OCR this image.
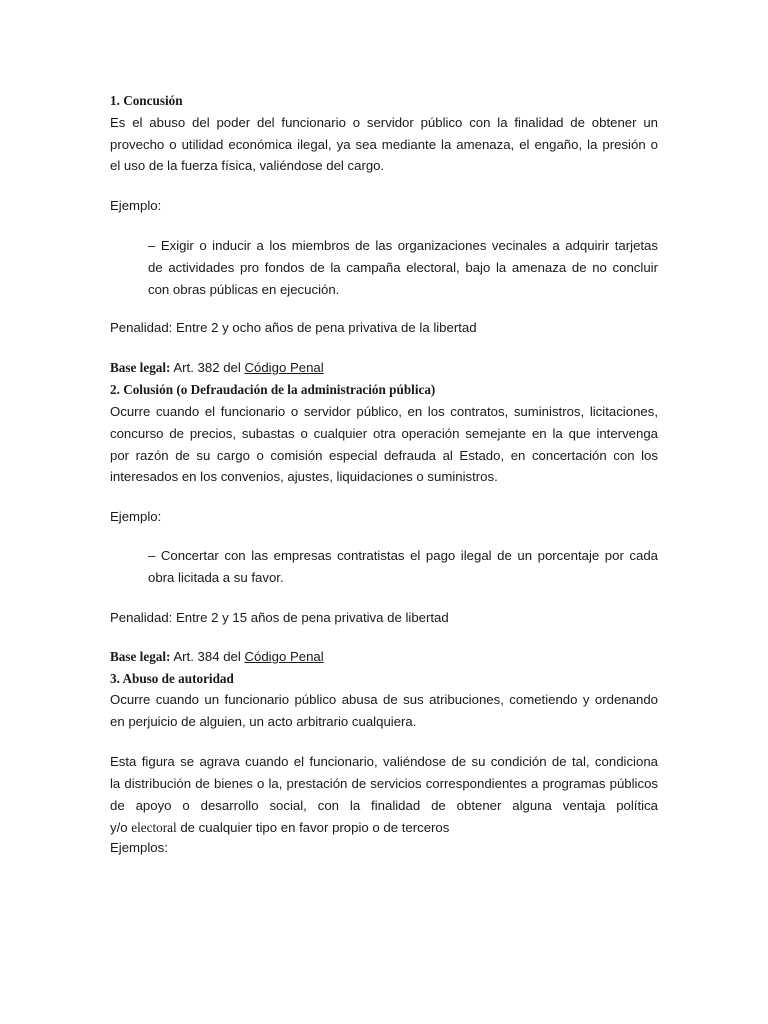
1. Concusión
Es el abuso del poder del funcionario o servidor público con la finalidad de obtener un
provecho o utilidad económica ilegal, ya sea mediante la amenaza, el engaño, la presión o
el uso de la fuerza física, valiéndose del cargo.
Ejemplo:
– Exigir o inducir a los miembros de las organizaciones vecinales a adquirir tarjetas
de actividades pro fondos de la campaña electoral, bajo la amenaza de no concluir
con obras públicas en ejecución.
Penalidad: Entre 2 y ocho años de pena privativa de la libertad
Base legal: Art. 382 del Código Penal
2. Colusión (o Defraudación de la administración pública)
Ocurre cuando el funcionario o servidor público, en los contratos, suministros, licitaciones,
concurso de precios, subastas o cualquier otra operación semejante en la que intervenga
por razón de su cargo o comisión especial defrauda al Estado, en concertación con los
interesados en los convenios, ajustes, liquidaciones o suministros.
Ejemplo:
– Concertar con las empresas contratistas el pago ilegal de un porcentaje por cada
obra licitada a su favor.
Penalidad: Entre 2 y 15 años de pena privativa de libertad
Base legal: Art. 384 del Código Penal
3. Abuso de autoridad
Ocurre cuando un funcionario público abusa de sus atribuciones, cometiendo y ordenando
en perjuicio de alguien, un acto arbitrario cualquiera.
Esta figura se agrava cuando el funcionario, valiéndose de su condición de tal, condiciona
la distribución de bienes o la, prestación de servicios correspondientes a programas públicos
de apoyo o desarrollo social, con la finalidad de obtener alguna ventaja política
y/o electoral de cualquier tipo en favor propio o de terceros
Ejemplos:
